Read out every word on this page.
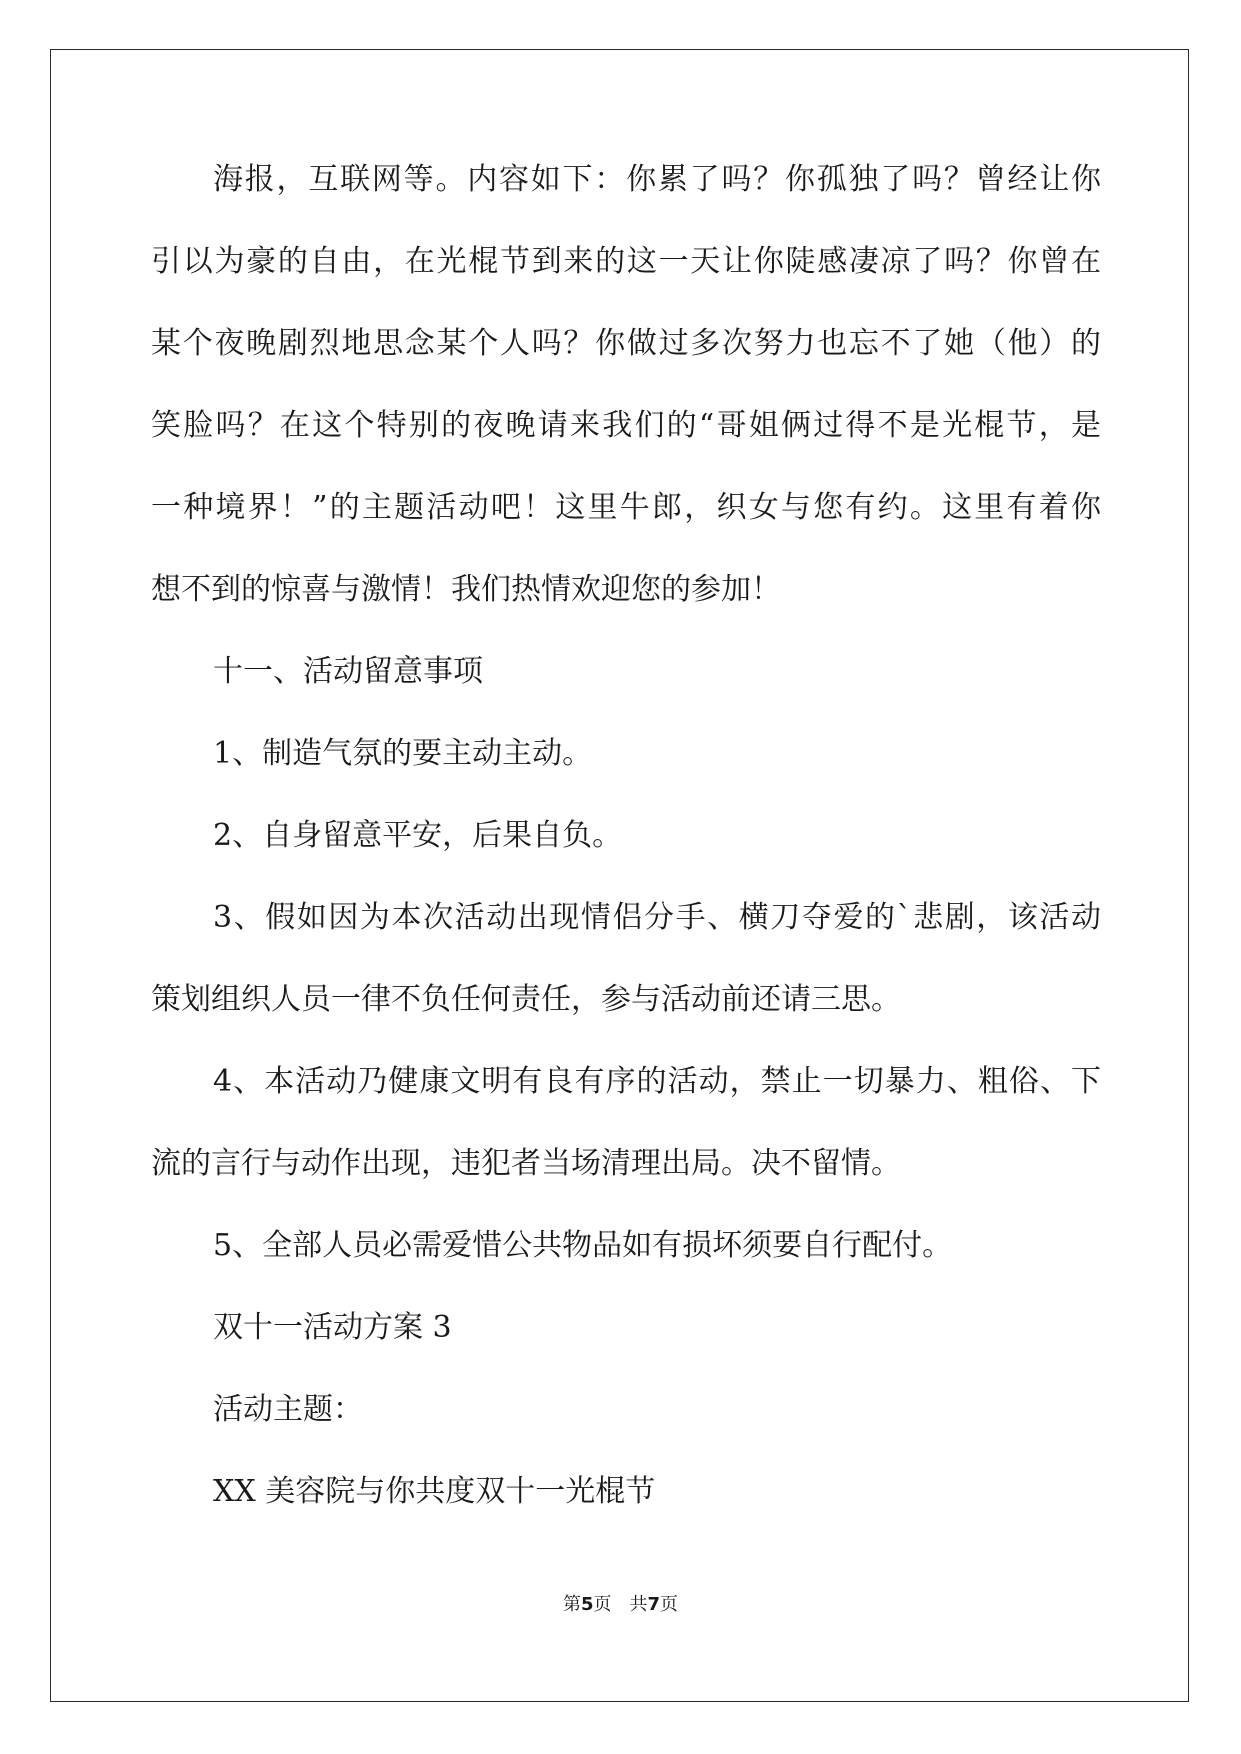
海报，互联网等。内容如下：你累了吗？你孤独了吗？曾经让你
引以为豪的自由，在光棍节到来的这一天让你陡感凄凉了吗？你曾在
某个夜晚剧烈地思念某个人吗？你做过多次努力也忘不了她（他）的
笑脸吗？在这个特别的夜晚请来我们的“哥姐俩过得不是光棍节，是
一种境界！”的主题活动吧！这里牛郎，织女与您有约。这里有着你
想不到的惊喜与激情！我们热情欢迎您的参加！
十一、活动留意事项
1、制造气氛的要主动主动。
2、自身留意平安，后果自负。
3、假如因为本次活动出现情侣分手、横刀夺爱的`悲剧，该活动
策划组织人员一律不负任何责任，参与活动前还请三思。
4、本活动乃健康文明有良有序的活动，禁止一切暴力、粗俗、下
流的言行与动作出现，违犯者当场清理出局。决不留情。
5、全部人员必需爱惜公共物品如有损坏须要自行配付。
双十一活动方案 3
活动主题：
XX 美容院与你共度双十一光棍节
第5页 共7页
